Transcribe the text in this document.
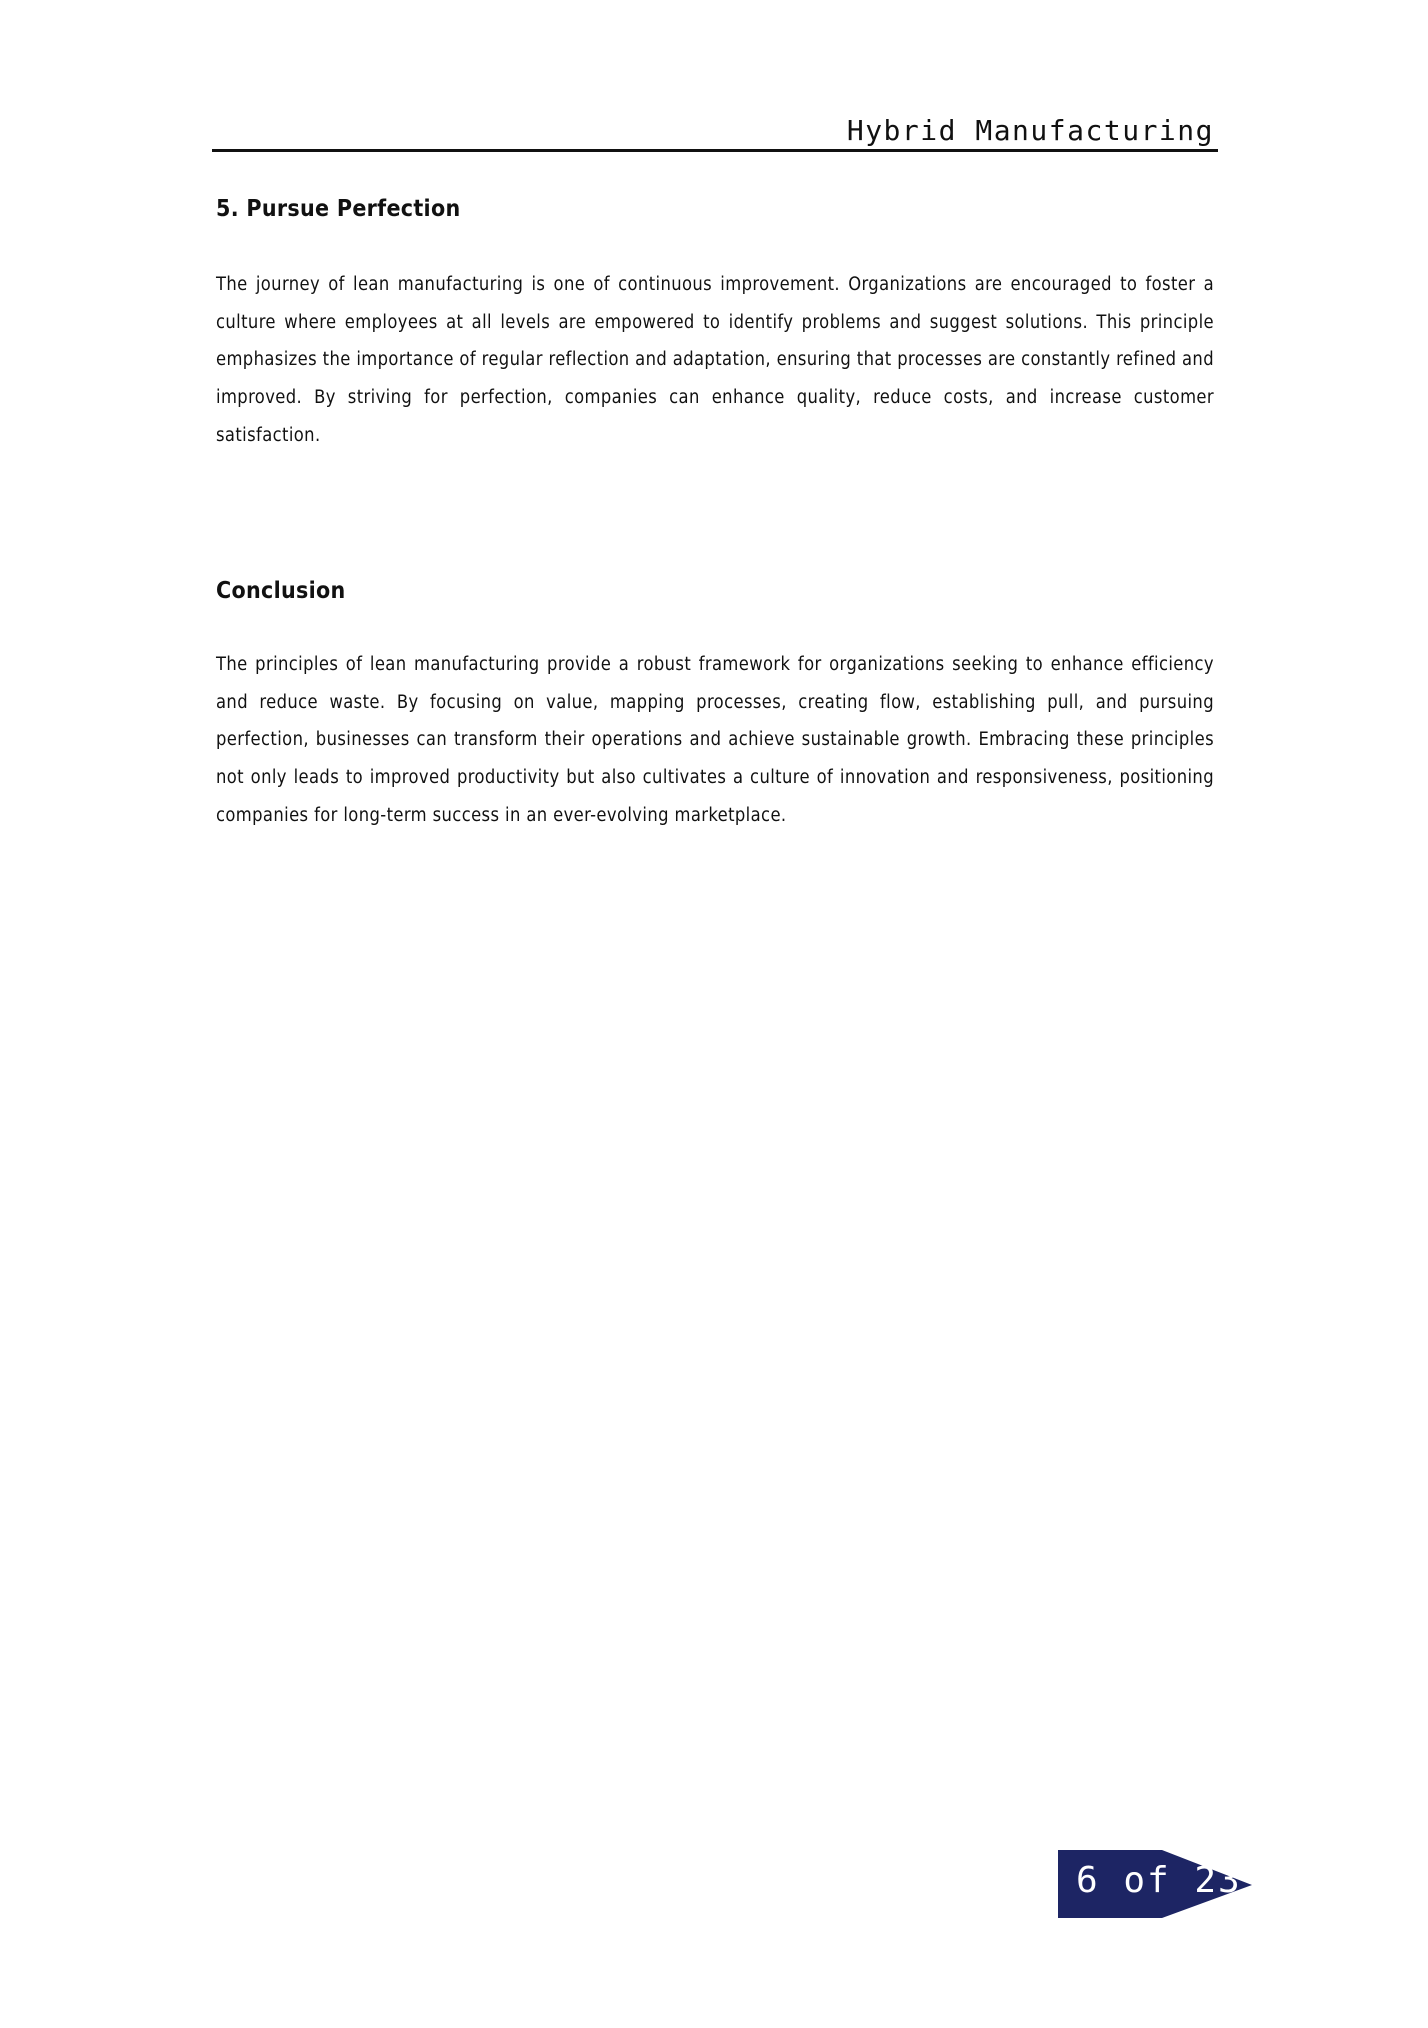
Hybrid Manufacturing
5. Pursue Perfection

The journey of lean manufacturing is one of continuous improvement. Organizations are encouraged to foster a culture where employees at all levels are empowered to identify problems and suggest solutions. This principle emphasizes the importance of regular reflection and adaptation, ensuring that processes are constantly refined and improved. By striving for perfection, companies can enhance quality, reduce costs, and increase customer satisfaction.

Conclusion

The principles of lean manufacturing provide a robust framework for organizations seeking to enhance efficiency and reduce waste. By focusing on value, mapping processes, creating flow, establishing pull, and pursuing perfection, businesses can transform their operations and achieve sustainable growth. Embracing these principles not only leads to improved productivity but also cultivates a culture of innovation and responsiveness, positioning companies for long-term success in an ever-evolving marketplace.

6 of 23
